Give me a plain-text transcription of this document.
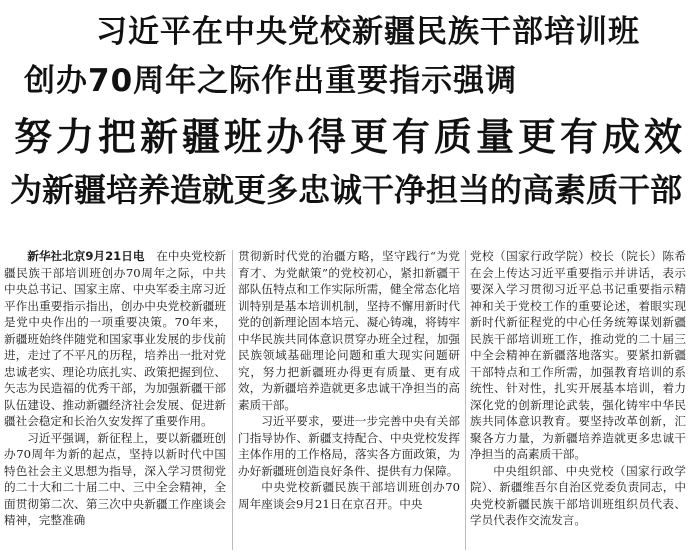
习近平在中央党校新疆民族干部培训班
创办70周年之际作出重要指示强调
努力把新疆班办得更有质量更有成效
为新疆培养造就更多忠诚干净担当的高素质干部

新华社北京9月21日电　 在中央党校新疆民族干部培训班创办70周年之际，中共中央总书记、国家主席、中央军委主席习近平作出重要指示指出，创办中央党校新疆班是党中央作出的一项重要决策。70年来，新疆班始终伴随党和国家事业发展的步伐前进，走过了不平凡的历程，培养出一批对党忠诚老实、理论功底扎实、政策把握到位、矢志为民造福的优秀干部，为加强新疆干部队伍建设、推动新疆经济社会发展、促进新疆社会稳定和长治久安发挥了重要作用。

习近平强调，新征程上，要以新疆班创办70周年为新的起点，坚持以新时代中国特色社会主义思想为指导，深入学习贯彻党的二十大和二十届二中、三中全会精神，全面贯彻第二次、第三次中央新疆工作座谈会精神，完整准确

贯彻新时代党的治疆方略，坚守践行“为党育才、为党献策”的党校初心，紧扣新疆干部队伍特点和工作实际所需，健全常态化培训特别是基本培训机制，坚持不懈用新时代党的创新理论固本培元、凝心铸魂，将铸牢中华民族共同体意识贯穿办班全过程，加强民族领域基础理论问题和重大现实问题研究，努力把新疆班办得更有质量、更有成效，为新疆培养造就更多忠诚干净担当的高素质干部。

习近平要求，要进一步完善中央有关部门指导协作、新疆支持配合、中央党校发挥主体作用的工作格局，落实各方面政策，为办好新疆班创造良好条件、提供有力保障。

中央党校新疆民族干部培训班创办70周年座谈会9月21日在京召开。中央

党校（国家行政学院）校长（院长）陈希在会上传达习近平重要指示并讲话，表示要深入学习贯彻习近平总书记重要指示精神和关于党校工作的重要论述，着眼实现新时代新征程党的中心任务统筹谋划新疆民族干部培训班工作，推动党的二十届三中全会精神在新疆落地落实。要紧扣新疆干部特点和工作所需，加强教育培训的系统性、针对性，扎实开展基本培训，着力深化党的创新理论武装，强化铸牢中华民族共同体意识教育。要坚持改革创新，汇聚各方力量，为新疆培养造就更多忠诚干净担当的高素质干部。

中央组织部、中央党校（国家行政学院）、新疆维吾尔自治区党委负责同志，中央党校新疆民族干部培训班组织员代表、学员代表作交流发言。
